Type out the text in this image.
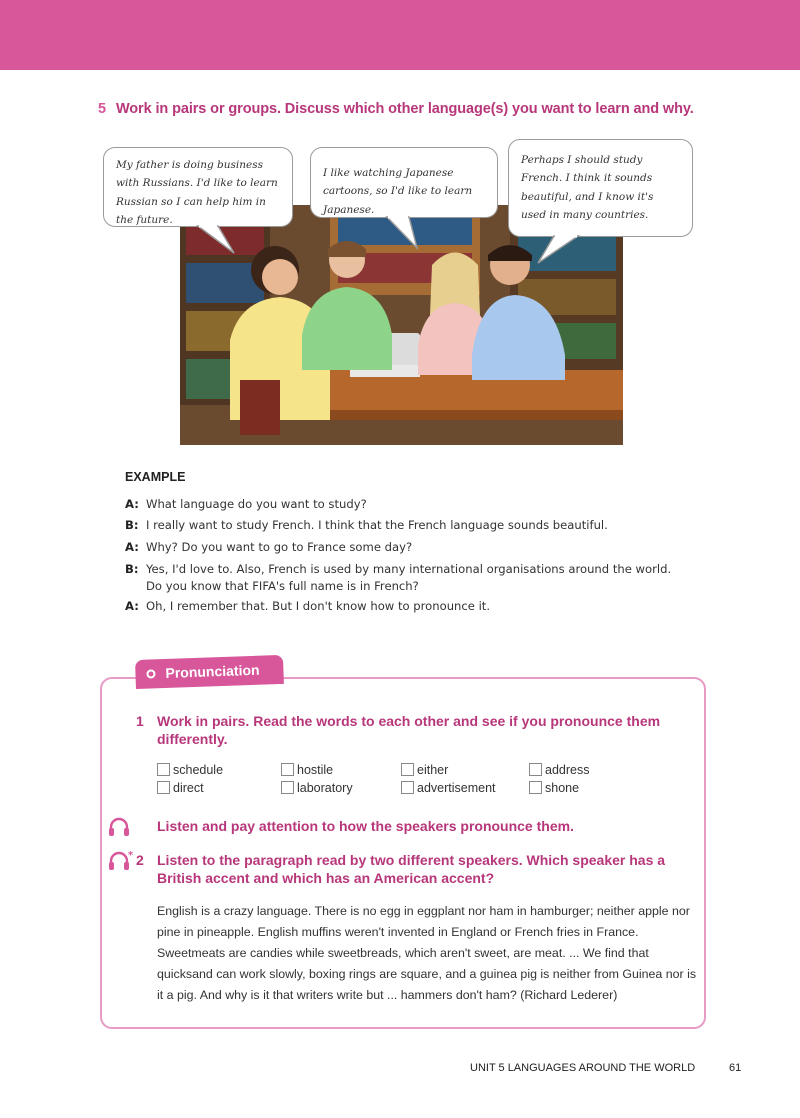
5 Work in pairs or groups. Discuss which other language(s) you want to learn and why.
My father is doing business with Russians. I'd like to learn Russian so I can help him in the future.
I like watching Japanese cartoons, so I'd like to learn Japanese.
Perhaps I should study French. I think it sounds beautiful, and I know it's used in many countries.
EXAMPLE
A: What language do you want to study?
B: I really want to study French. I think that the French language sounds beautiful.
A: Why? Do you want to go to France some day?
B: Yes, I'd love to. Also, French is used by many international organisations around the world. Do you know that FIFA's full name is in French?
A: Oh, I remember that. But I don't know how to pronounce it.
Pronunciation
1 Work in pairs. Read the words to each other and see if you pronounce them differently.
schedule	hostile	either	address
direct	laboratory	advertisement	shone
Listen and pay attention to how the speakers pronounce them.
* 2 Listen to the paragraph read by two different speakers. Which speaker has a British accent and which has an American accent?
English is a crazy language. There is no egg in eggplant nor ham in hamburger; neither apple nor pine in pineapple. English muffins weren't invented in England or French fries in France. Sweetmeats are candies while sweetbreads, which aren't sweet, are meat. ... We find that quicksand can work slowly, boxing rings are square, and a guinea pig is neither from Guinea nor is it a pig. And why is it that writers write but ... hammers don't ham? (Richard Lederer)
UNIT 5 LANGUAGES AROUND THE WORLD	61
